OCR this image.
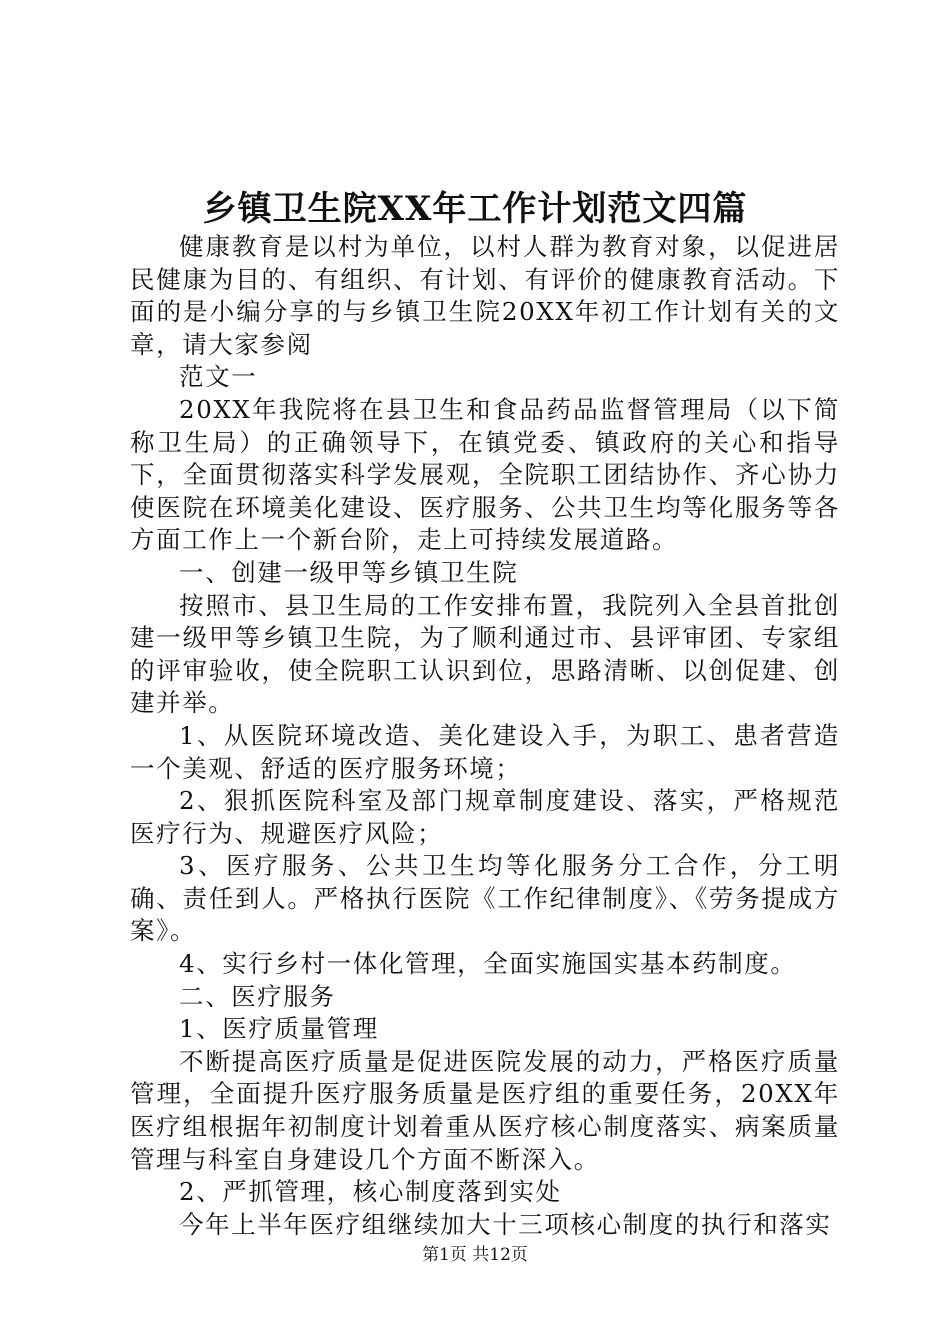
乡镇卫生院XX年工作计划范文四篇

健康教育是以村为单位，以村人群为教育对象，以促进居民健康为目的、有组织、有计划、有评价的健康教育活动。下面的是小编分享的与乡镇卫生院20XX年初工作计划有关的文章，请大家参阅

范文一

20XX年我院将在县卫生和食品药品监督管理局（以下简称卫生局）的正确领导下，在镇党委、镇政府的关心和指导下，全面贯彻落实科学发展观，全院职工团结协作、齐心协力使医院在环境美化建设、医疗服务、公共卫生均等化服务等各方面工作上一个新台阶，走上可持续发展道路。

一、创建一级甲等乡镇卫生院

按照市、县卫生局的工作安排布置，我院列入全县首批创建一级甲等乡镇卫生院，为了顺利通过市、县评审团、专家组的评审验收，使全院职工认识到位，思路清晰、以创促建、创建并举。

1、从医院环境改造、美化建设入手，为职工、患者营造一个美观、舒适的医疗服务环境；

2、狠抓医院科室及部门规章制度建设、落实，严格规范医疗行为、规避医疗风险；

3、医疗服务、公共卫生均等化服务分工合作，分工明确、责任到人。严格执行医院《工作纪律制度》、《劳务提成方案》。

4、实行乡村一体化管理，全面实施国实基本药制度。

二、医疗服务

1、医疗质量管理

不断提高医疗质量是促进医院发展的动力，严格医疗质量管理，全面提升医疗服务质量是医疗组的重要任务，20XX年医疗组根据年初制度计划着重从医疗核心制度落实、病案质量管理与科室自身建设几个方面不断深入。

2、严抓管理，核心制度落到实处

今年上半年医疗组继续加大十三项核心制度的执行和落实

第1页 共12页
